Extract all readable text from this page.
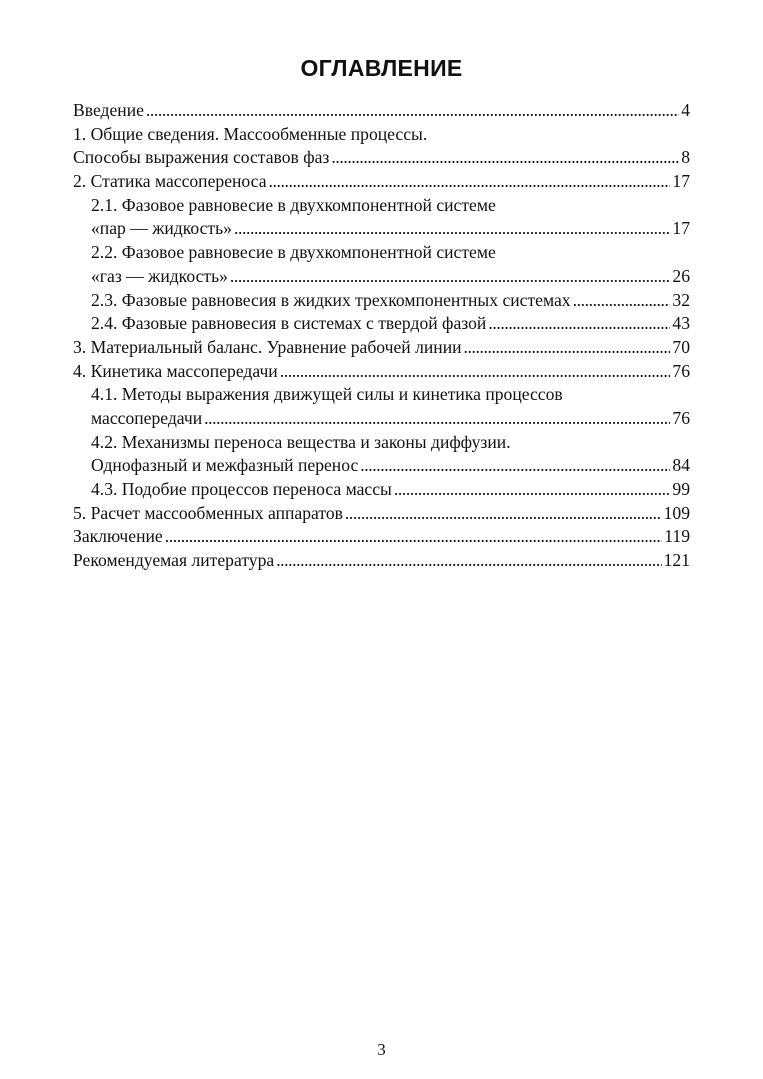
ОГЛАВЛЕНИЕ
Введение . . .	4
1. Общие сведения. Массообменные процессы.
Способы выражения составов фаз . . .	8
2. Статика массопереноса . . .	17
2.1. Фазовое равновесие в двухкомпонентной системе
«пар — жидкость» . . .	17
2.2. Фазовое равновесие в двухкомпонентной системе
«газ — жидкость» . . .	26
2.3. Фазовые равновесия в жидких трехкомпонентных системах . . .	32
2.4. Фазовые равновесия в системах с твердой фазой . . .	43
3. Материальный баланс. Уравнение рабочей линии . . .	70
4. Кинетика массопередачи . . .	76
4.1. Методы выражения движущей силы и кинетика процессов
массопередачи . . .	76
4.2. Механизмы переноса вещества и законы диффузии.
Однофазный и межфазный перенос . . .	84
4.3. Подобие процессов переноса массы . . .	99
5. Расчет массообменных аппаратов . . .	109
Заключение . . .	119
Рекомендуемая литература . . .	121
3
